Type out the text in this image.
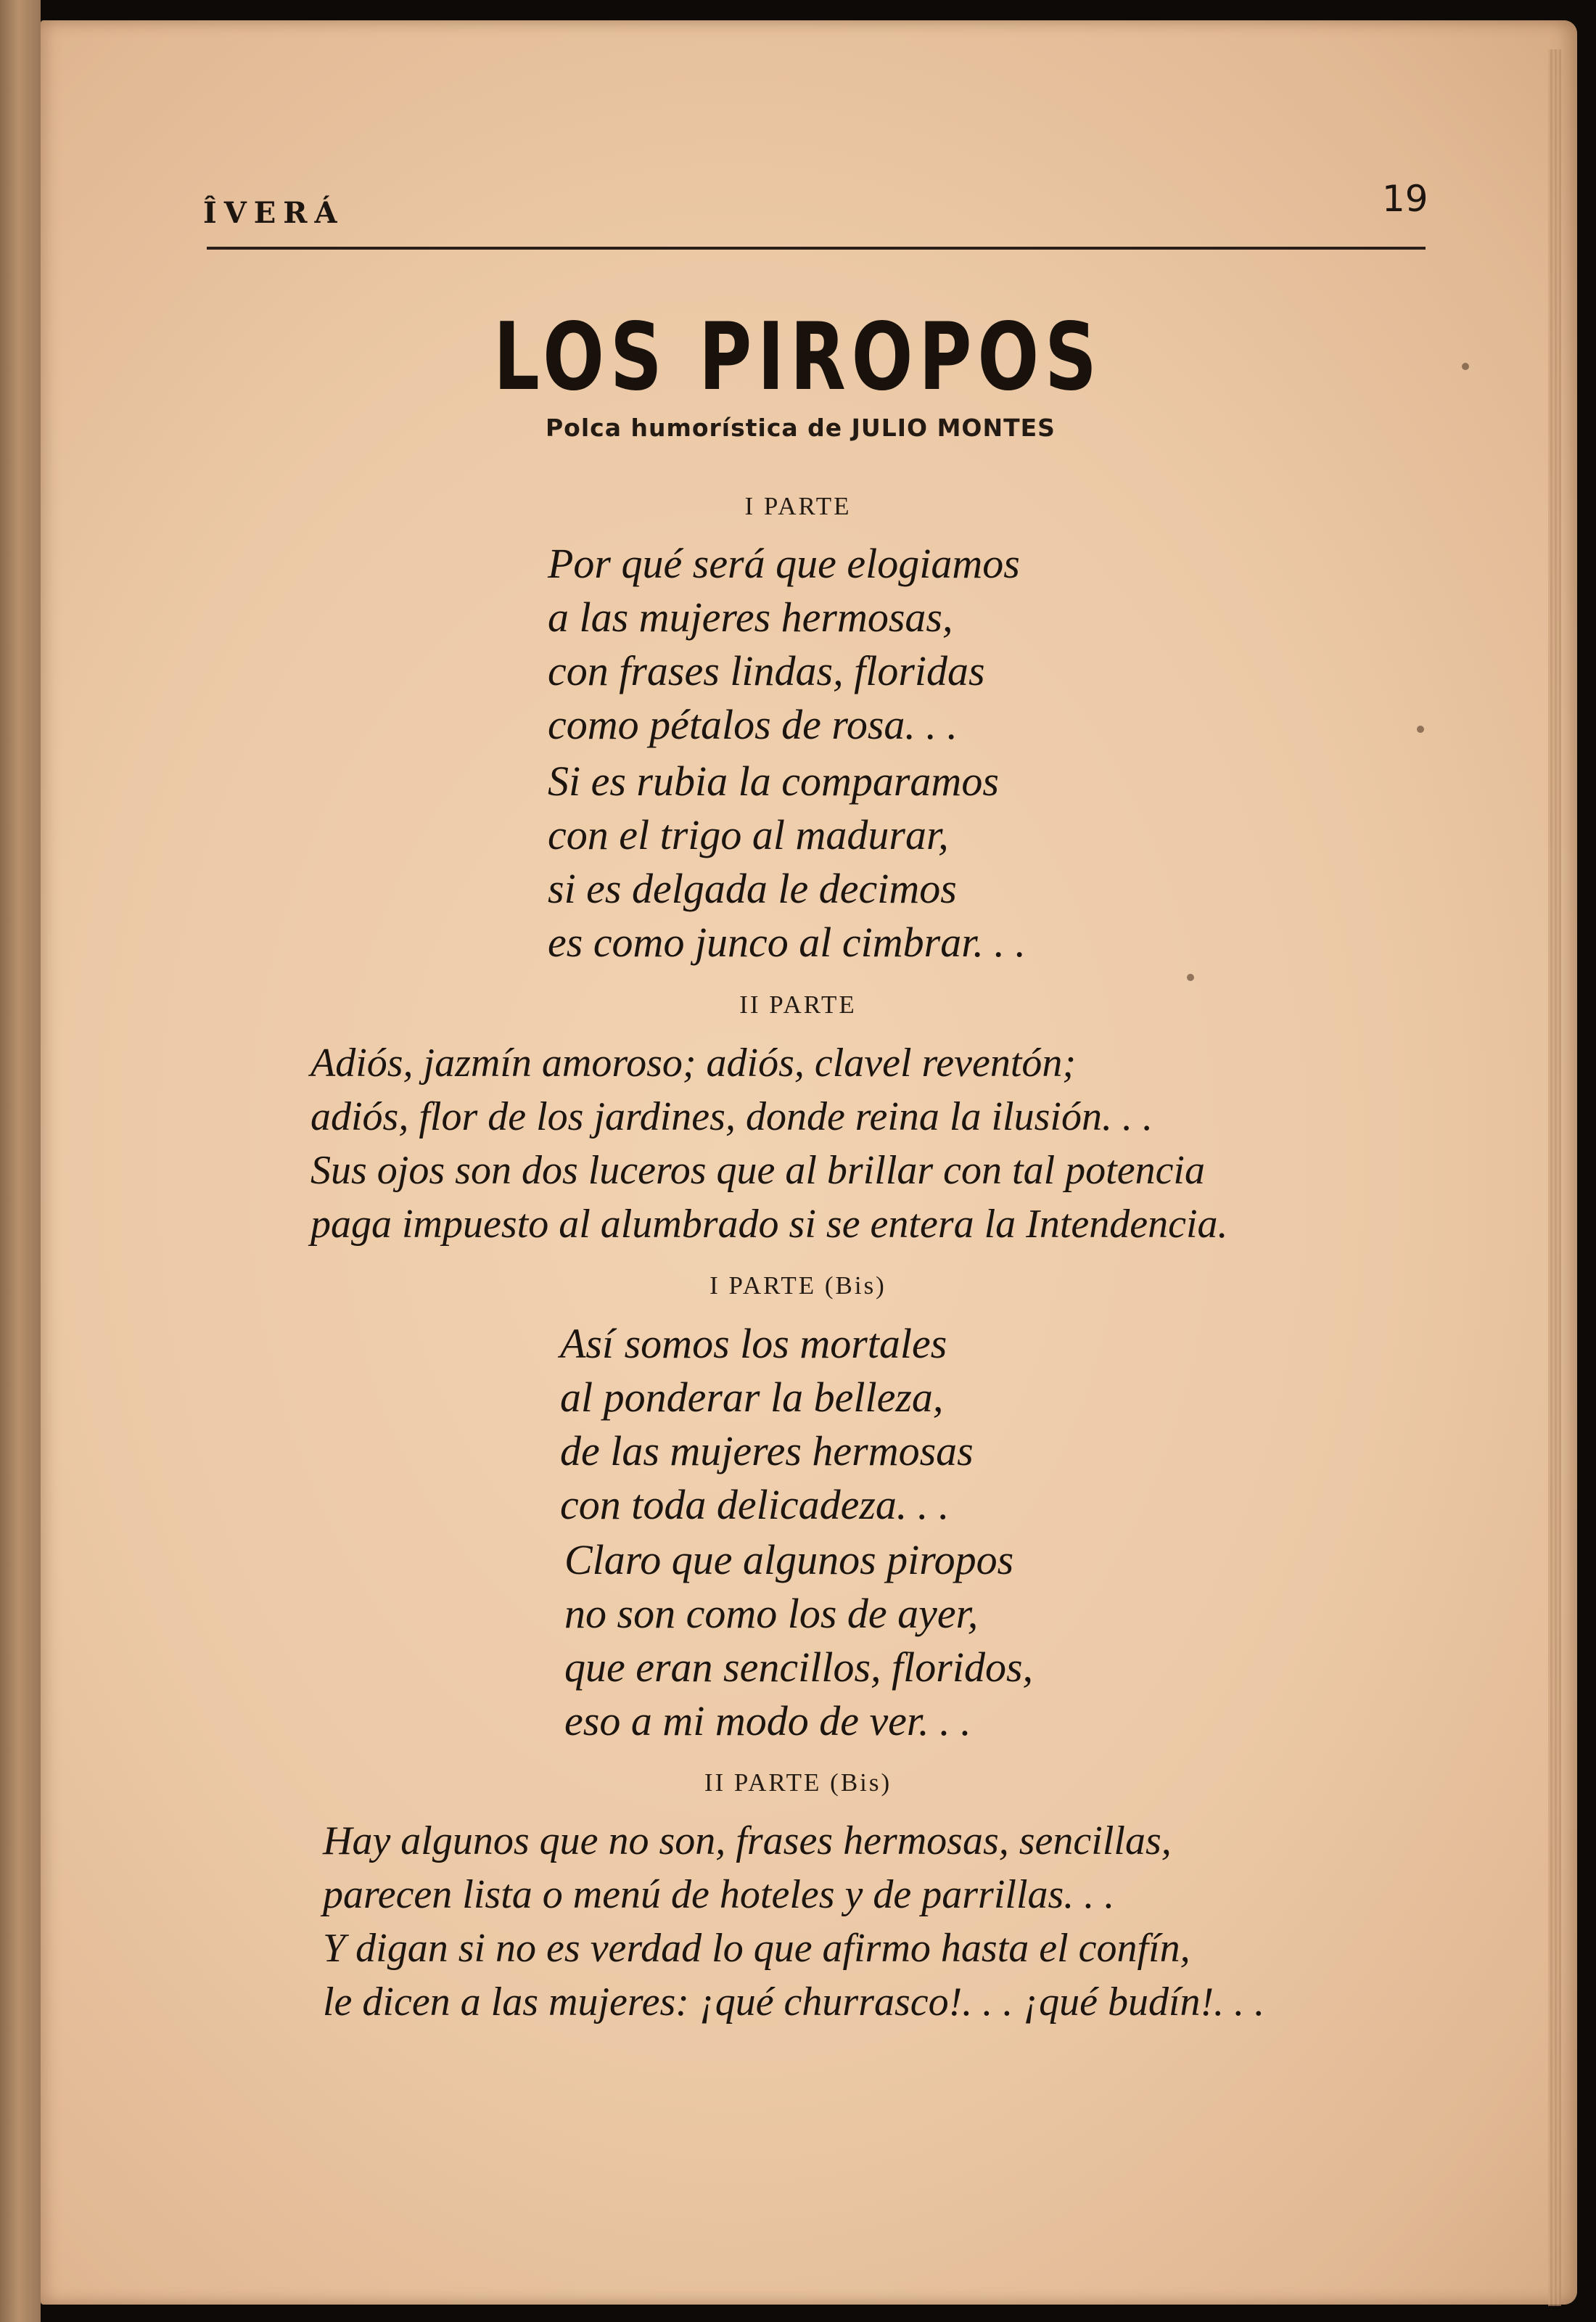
ÎVERÁ	19
LOS PIROPOS
Polca humorística de JULIO MONTES
I PARTE
Por qué será que elogiamos
a las mujeres hermosas,
con frases lindas, floridas
como pétalos de rosa. . .
Si es rubia la comparamos
con el trigo al madurar,
si es delgada le decimos
es como junco al cimbrar. . .
II PARTE
Adiós, jazmín amoroso; adiós, clavel reventón;
adiós, flor de los jardines, donde reina la ilusión. . .
Sus ojos son dos luceros que al brillar con tal potencia
paga impuesto al alumbrado si se entera la Intendencia.
I PARTE (Bis)
Así somos los mortales
al ponderar la belleza,
de las mujeres hermosas
con toda delicadeza. . .
Claro que algunos piropos
no son como los de ayer,
que eran sencillos, floridos,
eso a mi modo de ver. . .
II PARTE (Bis)
Hay algunos que no son, frases hermosas, sencillas,
parecen lista o menú de hoteles y de parrillas. . .
Y digan si no es verdad lo que afirmo hasta el confín,
le dicen a las mujeres: ¡qué churrasco!. . . ¡qué budín!. . .
